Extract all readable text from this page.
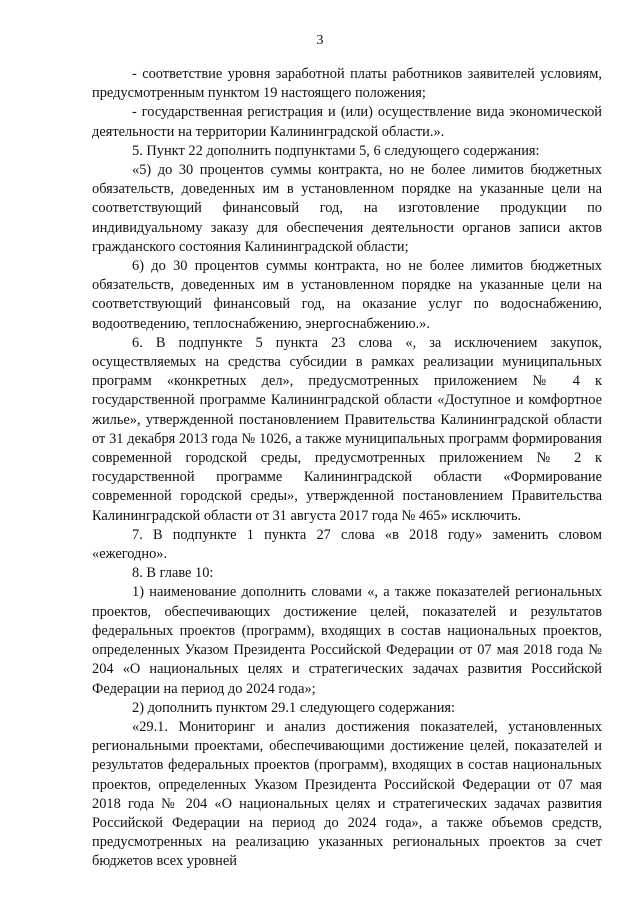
3

- соответствие уровня заработной платы работников заявителей условиям, предусмотренным пунктом 19 настоящего положения;

- государственная регистрация и (или) осуществление вида экономической деятельности на территории Калининградской области.».

5. Пункт 22 дополнить подпунктами 5, 6 следующего содержания:

«5) до 30 процентов суммы контракта, но не более лимитов бюджетных обязательств, доведенных им в установленном порядке на указанные цели на соответствующий финансовый год, на изготовление продукции по индивидуальному заказу для обеспечения деятельности органов записи актов гражданского состояния Калининградской области;

6) до 30 процентов суммы контракта, но не более лимитов бюджетных обязательств, доведенных им в установленном порядке на указанные цели на соответствующий финансовый год, на оказание услуг по водоснабжению, водоотведению, теплоснабжению, энергоснабжению.».

6. В подпункте 5 пункта 23 слова «, за исключением закупок, осуществляемых на средства субсидии в рамках реализации муниципальных программ «конкретных дел», предусмотренных приложением № 4 к государственной программе Калининградской области «Доступное и комфортное жилье», утвержденной постановлением Правительства Калининградской области от 31 декабря 2013 года № 1026, а также муниципальных программ формирования современной городской среды, предусмотренных приложением № 2 к государственной программе Калининградской области «Формирование современной городской среды», утвержденной постановлением Правительства Калининградской области от 31 августа 2017 года № 465» исключить.

7. В подпункте 1 пункта 27 слова «в 2018 году» заменить словом «ежегодно».

8. В главе 10:

1) наименование дополнить словами «, а также показателей региональных проектов, обеспечивающих достижение целей, показателей и результатов федеральных проектов (программ), входящих в состав национальных проектов, определенных Указом Президента Российской Федерации от 07 мая 2018 года № 204 «О национальных целях и стратегических задачах развития Российской Федерации на период до 2024 года»;

2) дополнить пунктом 29.1 следующего содержания:

«29.1. Мониторинг и анализ достижения показателей, установленных региональными проектами, обеспечивающими достижение целей, показателей и результатов федеральных проектов (программ), входящих в состав национальных проектов, определенных Указом Президента Российской Федерации от 07 мая 2018 года № 204 «О национальных целях и стратегических задачах развития Российской Федерации на период до 2024 года», а также объемов средств, предусмотренных на реализацию указанных региональных проектов за счет бюджетов всех уровней
